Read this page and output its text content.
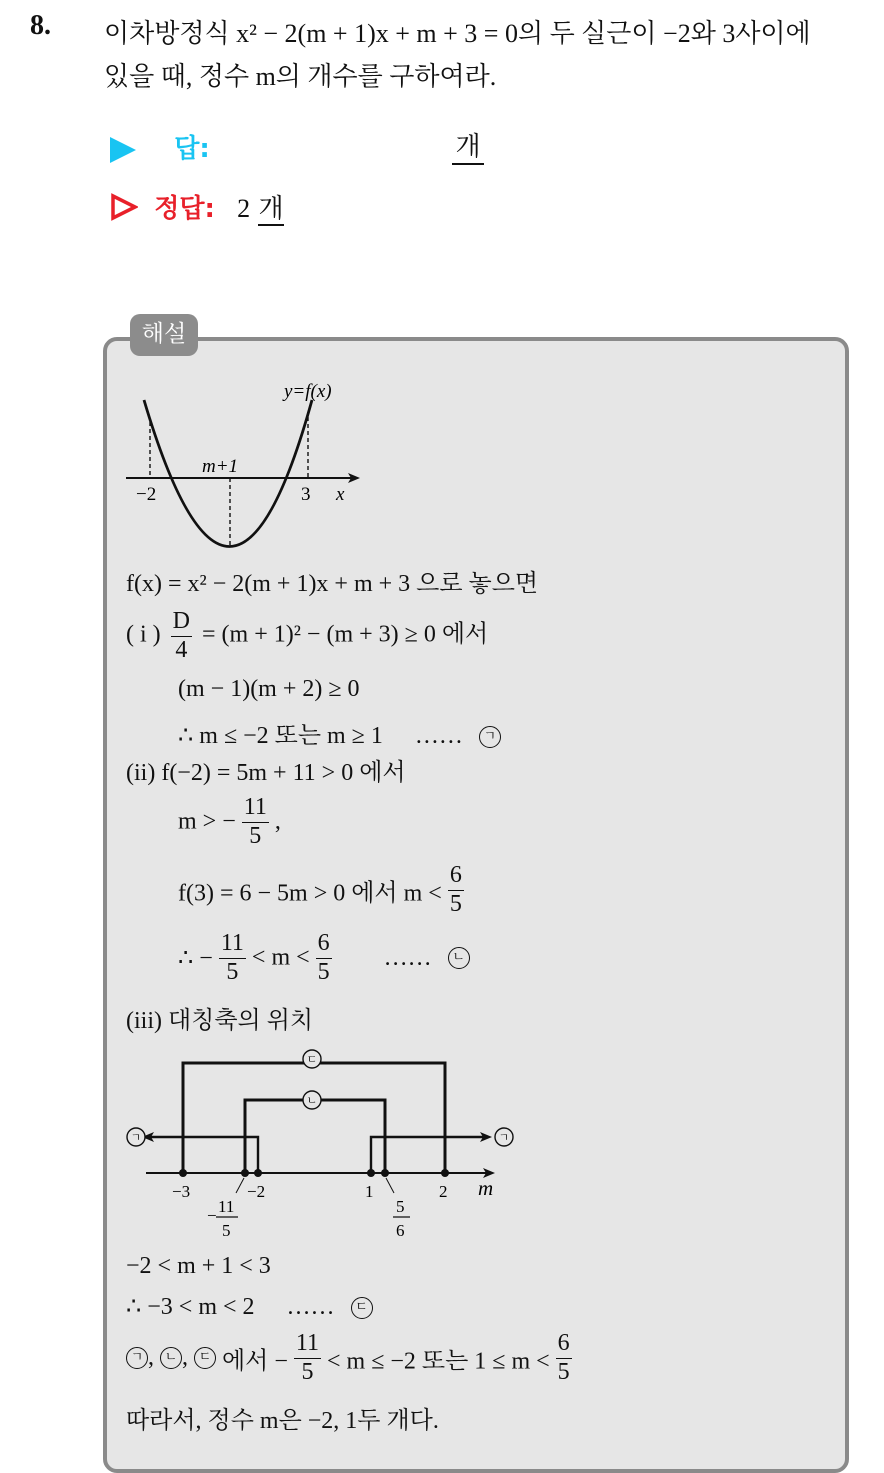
8. 이차방정식 x² − 2(m + 1)x + m + 3 = 0의 두 실근이 −2와 3사이에
있을 때, 정수 m의 개수를 구하여라.
답:	개
정답: 2 개
해설
y=f(x)
m+1
−2	3 x
f(x) = x² − 2(m + 1)x + m + 3 으로 놓으면
( i ) $\frac{D}{4} = (m + 1)^2 - (m + 3) \ge 0$ 에서
(m − 1)(m + 2) ≥ 0
∴ m ≤ −2 또는 m ≥ 1 …… ㄱ
(ii) f(−2) = 5m + 11 > 0 에서
m > − $\frac{11}{5}$ ,
f(3) = 6 − 5m > 0 에서 $m < \frac{6}{5}$
∴ − $\frac{11}{5} < m < \frac{6}{5}$ …… ㄴ
(iii) 대칭축의 위치
ㄷ
ㄴ
ㄱ	ㄱ
−3	−2	1	2 m
− 11
5
5
6
−2 < m + 1 < 3
∴ −3 < m < 2 …… ㄷ
ㄱ , ㄴ , ㄷ 에서 − $\frac{11}{5} < m \le -2$ 또는 $1 \le m < \frac{6}{5}$
따라서, 정수 m은 −2, 1두 개다.
